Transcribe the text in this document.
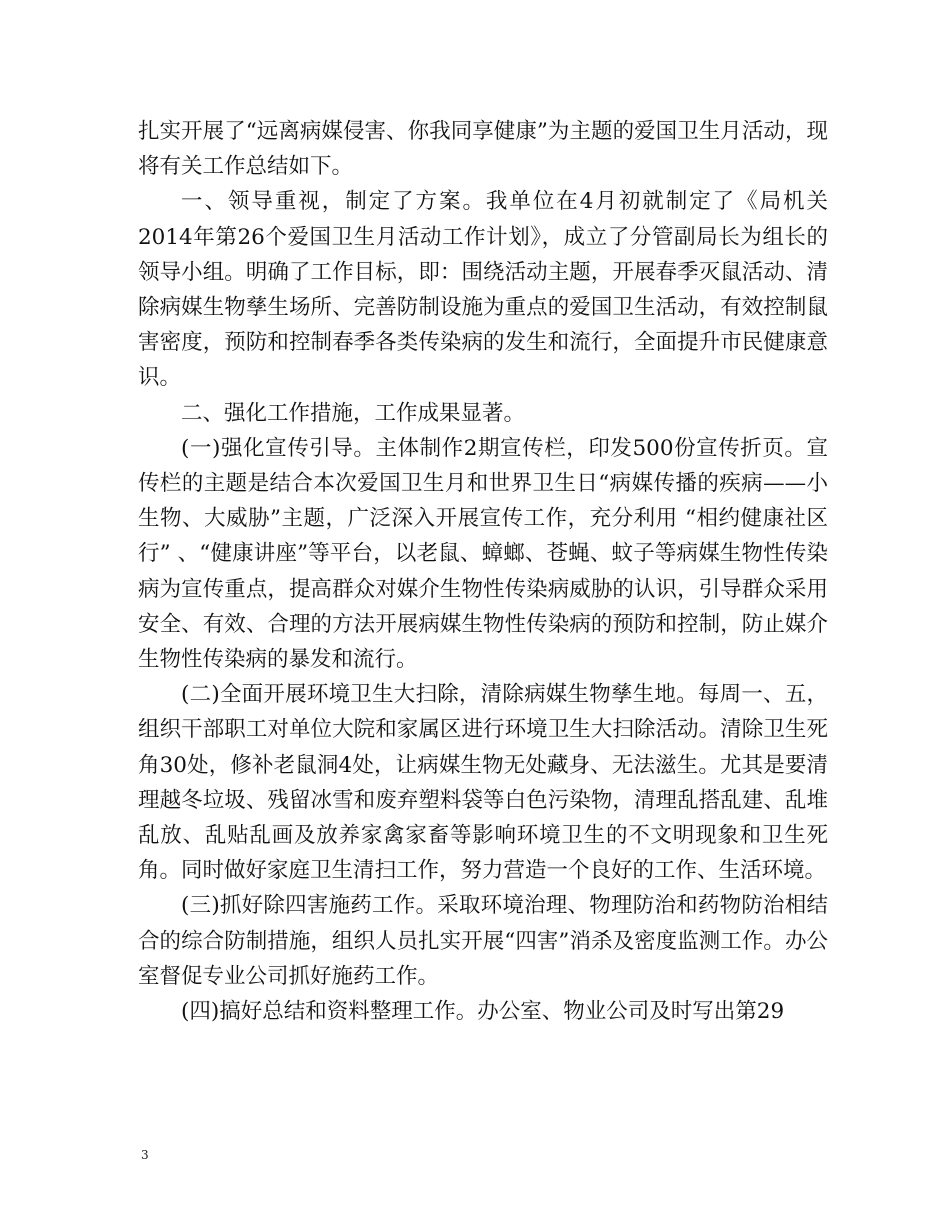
扎实开展了“远离病媒侵害、你我同享健康”为主题的爱国卫生月活动，现将有关工作总结如下。

一、领导重视，制定了方案。我单位在4月初就制定了《局机关2014年第26个爱国卫生月活动工作计划》，成立了分管副局长为组长的领导小组。明确了工作目标，即：围绕活动主题，开展春季灭鼠活动、清除病媒生物孳生场所、完善防制设施为重点的爱国卫生活动，有效控制鼠害密度，预防和控制春季各类传染病的发生和流行，全面提升市民健康意识。

二、强化工作措施，工作成果显著。

(一)强化宣传引导。主体制作2期宣传栏，印发500份宣传折页。宣传栏的主题是结合本次爱国卫生月和世界卫生日“病媒传播的疾病——小生物、大威胁”主题，广泛深入开展宣传工作，充分利用 “相约健康社区行” 、“健康讲座”等平台，以老鼠、蟑螂、苍蝇、蚊子等病媒生物性传染病为宣传重点，提高群众对媒介生物性传染病威胁的认识，引导群众采用安全、有效、合理的方法开展病媒生物性传染病的预防和控制，防止媒介生物性传染病的暴发和流行。

(二)全面开展环境卫生大扫除，清除病媒生物孳生地。每周一、五，组织干部职工对单位大院和家属区进行环境卫生大扫除活动。清除卫生死角30处，修补老鼠洞4处，让病媒生物无处藏身、无法滋生。尤其是要清理越冬垃圾、残留冰雪和废弃塑料袋等白色污染物，清理乱搭乱建、乱堆乱放、乱贴乱画及放养家禽家畜等影响环境卫生的不文明现象和卫生死角。同时做好家庭卫生清扫工作，努力营造一个良好的工作、生活环境。

(三)抓好除四害施药工作。采取环境治理、物理防治和药物防治相结合的综合防制措施，组织人员扎实开展“四害”消杀及密度监测工作。办公室督促专业公司抓好施药工作。

(四)搞好总结和资料整理工作。办公室、物业公司及时写出第29

3
